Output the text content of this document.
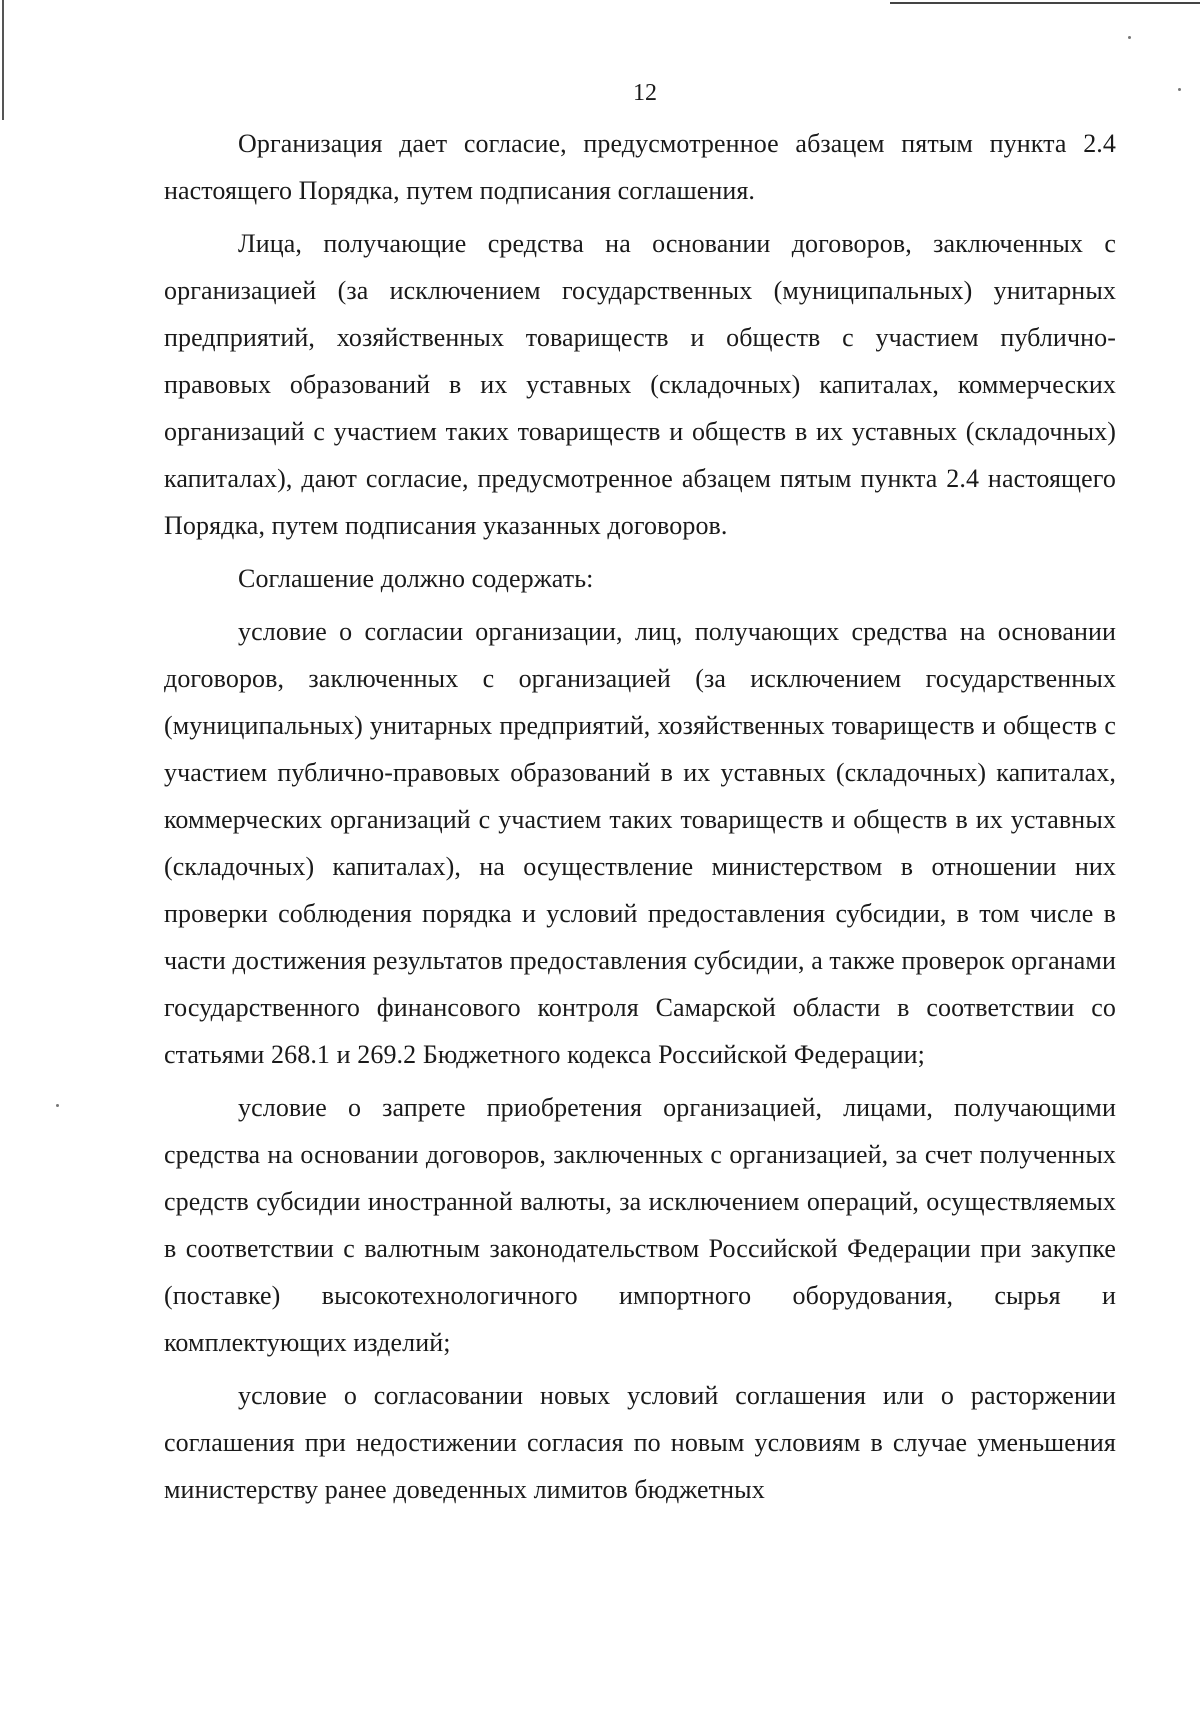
12

Организация дает согласие, предусмотренное абзацем пятым пункта 2.4 настоящего Порядка, путем подписания соглашения.

Лица, получающие средства на основании договоров, заключенных с организацией (за исключением государственных (муниципальных) унитарных предприятий, хозяйственных товариществ и обществ с участием публично-правовых образований в их уставных (складочных) капиталах, коммерческих организаций с участием таких товариществ и обществ в их уставных (складочных) капиталах), дают согласие, предусмотренное абзацем пятым пункта 2.4 настоящего Порядка, путем подписания указанных договоров.

Соглашение должно содержать:

условие о согласии организации, лиц, получающих средства на основании договоров, заключенных с организацией (за исключением государственных (муниципальных) унитарных предприятий, хозяйственных товариществ и обществ с участием публично-правовых образований в их уставных (складочных) капиталах, коммерческих организаций с участием таких товариществ и обществ в их уставных (складочных) капиталах), на осуществление министерством в отношении них проверки соблюдения порядка и условий предоставления субсидии, в том числе в части достижения результатов предоставления субсидии, а также проверок органами государственного финансового контроля Самарской области в соответствии со статьями 268.1 и 269.2 Бюджетного кодекса Российской Федерации;

условие о запрете приобретения организацией, лицами, получающими средства на основании договоров, заключенных с организацией, за счет полученных средств субсидии иностранной валюты, за исключением операций, осуществляемых в соответствии с валютным законодательством Российской Федерации при закупке (поставке) высокотехнологичного импортного оборудования, сырья и комплектующих изделий;

условие о согласовании новых условий соглашения или о расторжении соглашения при недостижении согласия по новым условиям в случае уменьшения министерству ранее доведенных лимитов бюджетных
